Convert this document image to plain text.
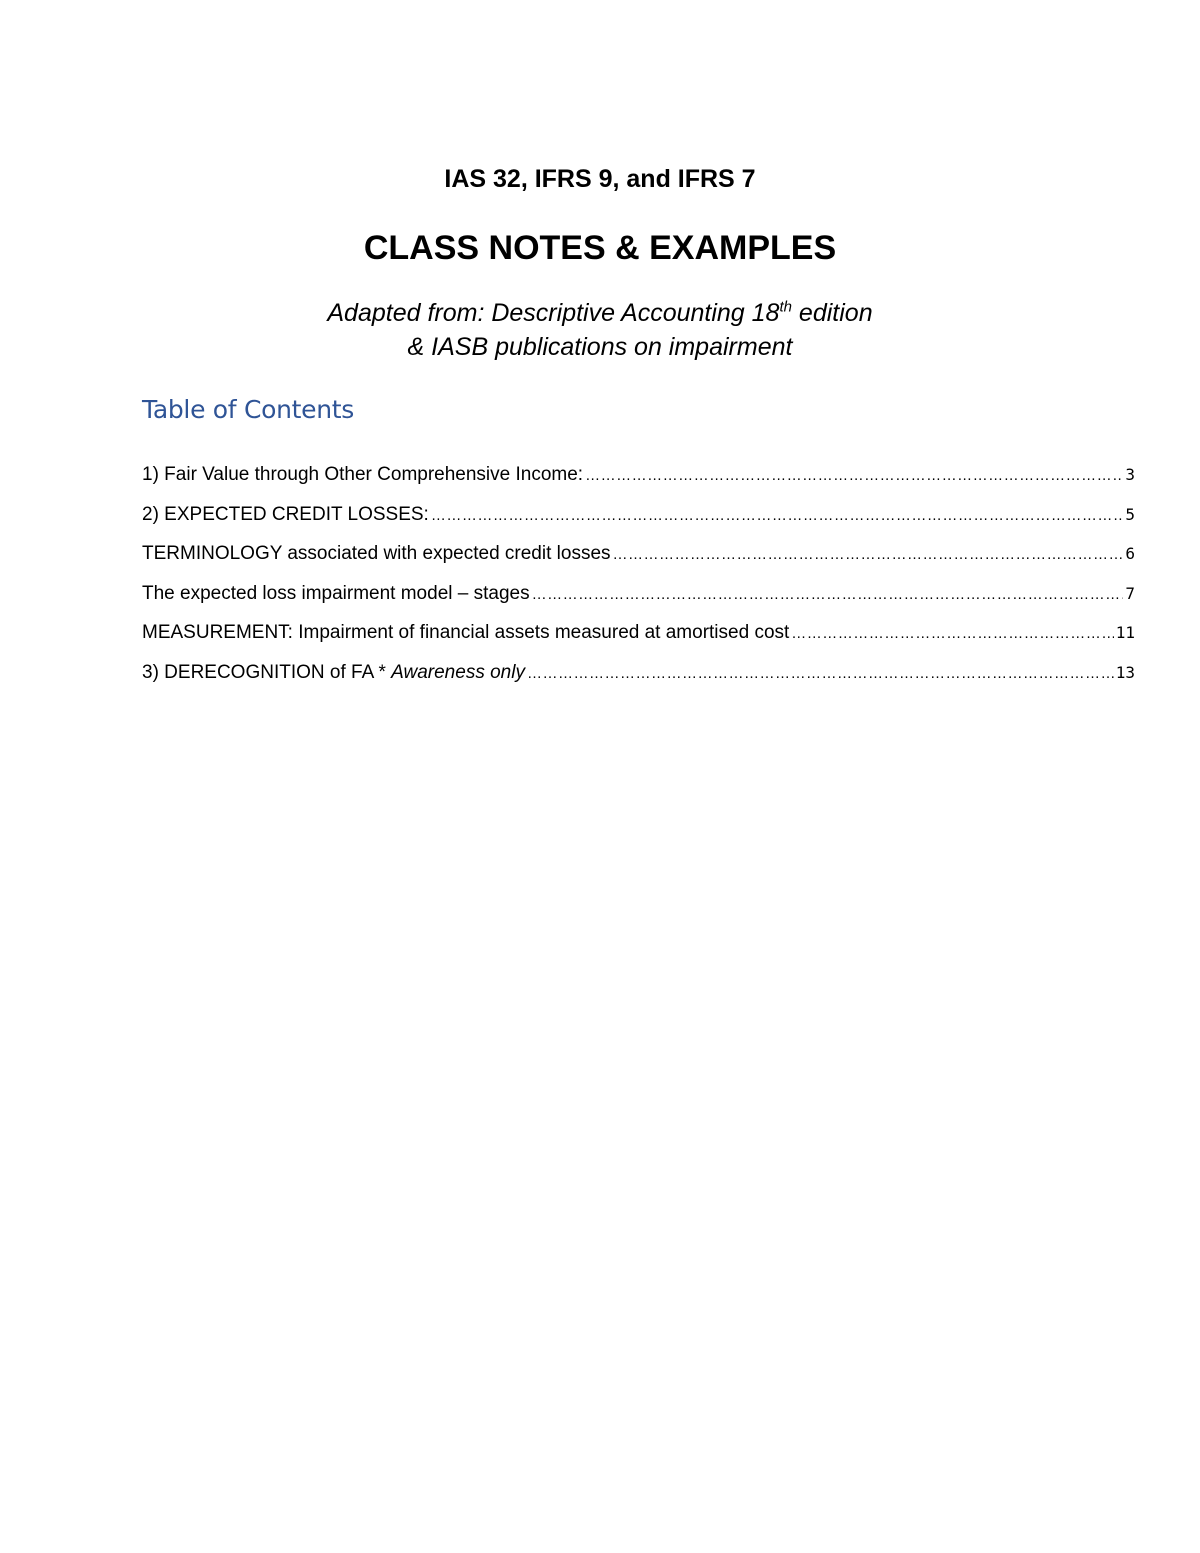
IAS 32, IFRS 9, and IFRS 7

CLASS NOTES & EXAMPLES
Adapted from: Descriptive Accounting 18th edition
& IASB publications on impairment
Table of Contents
1) Fair Value through Other Comprehensive Income: ……………………………………………………………………………………………………………………………………………………………………………………………………………………………	3
2) EXPECTED CREDIT LOSSES: ……………………………………………………………………………………………………………………………………………………………………………………………………………………………	5
TERMINOLOGY associated with expected credit losses ……………………………………………………………………………………………………………………………………………………………………………………………………………………………	6
The expected loss impairment model – stages ……………………………………………………………………………………………………………………………………………………………………………………………………………………………	7
MEASUREMENT: Impairment of financial assets measured at amortised cost ……………………………………………………………………………………………………………………………………………………………………………………………………………………………	11
3) DERECOGNITION of FA * Awareness only ……………………………………………………………………………………………………………………………………………………………………………………………………………………………	13
